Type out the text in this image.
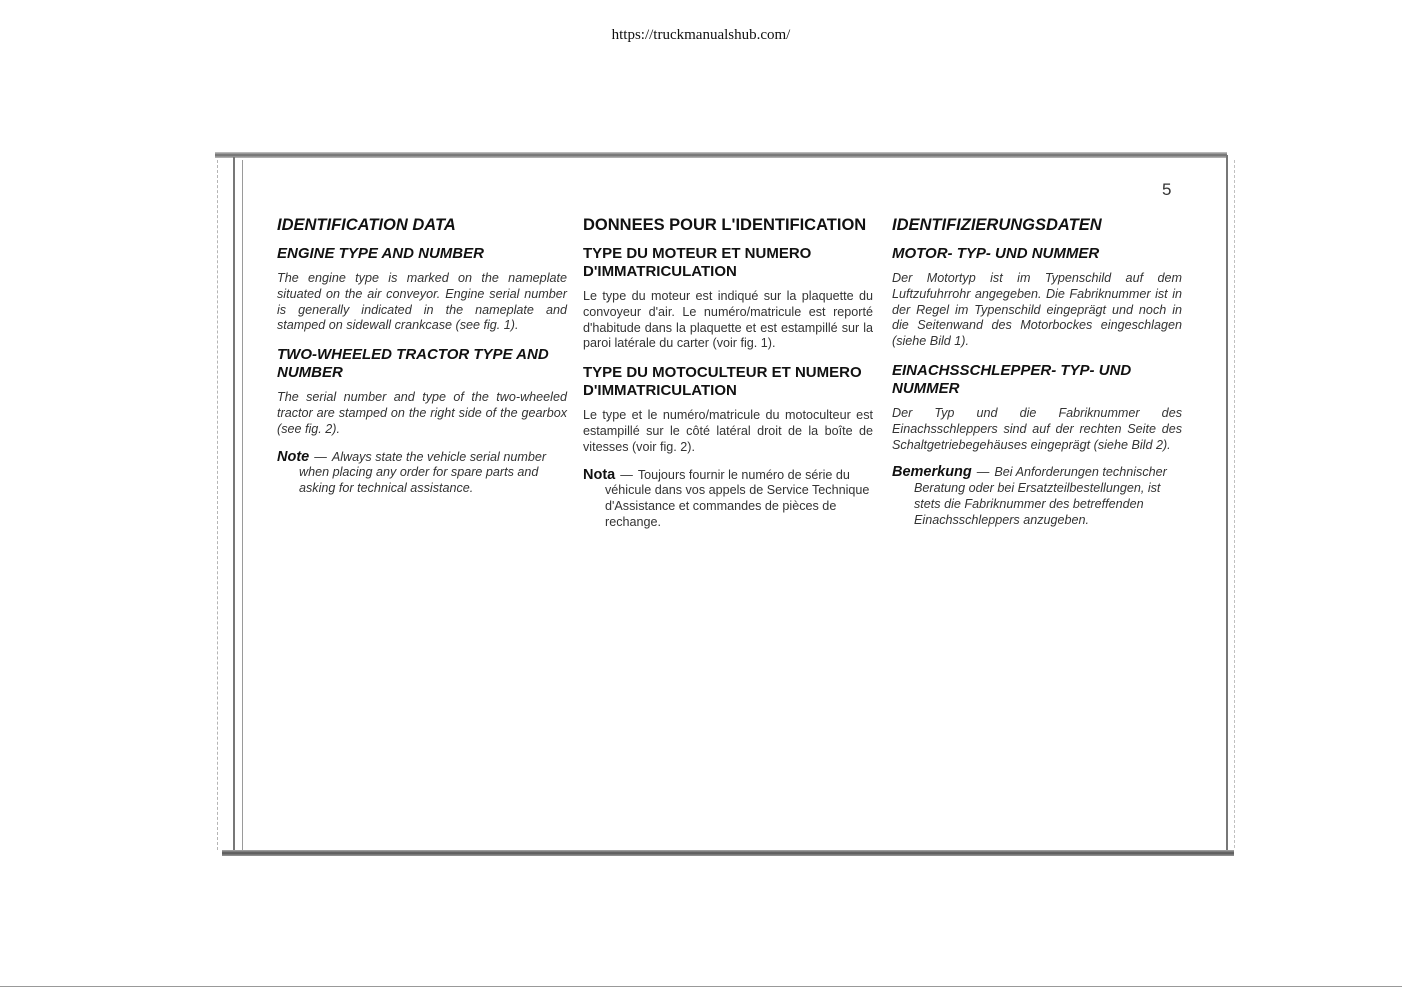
https://truckmanualshub.com/
5
IDENTIFICATION DATA
ENGINE TYPE AND NUMBER
The engine type is marked on the nameplate situated on the air conveyor. Engine serial number is generally indicated in the nameplate and stamped on sidewall crankcase (see fig. 1).
TWO-WHEELED TRACTOR TYPE AND NUMBER
The serial number and type of the two-wheeled tractor are stamped on the right side of the gearbox (see fig. 2).
Note — Always state the vehicle serial number when placing any order for spare parts and asking for technical assistance.
DONNEES POUR L'IDENTIFICATION
TYPE DU MOTEUR ET NUMERO D'IMMATRICULATION
Le type du moteur est indiqué sur la plaquette du convoyeur d'air. Le numéro/matricule est reporté d'habitude dans la plaquette et est estampillé sur la paroi latérale du carter (voir fig. 1).
TYPE DU MOTOCULTEUR ET NUMERO D'IMMATRICULATION
Le type et le numéro/matricule du motoculteur est estampillé sur le côté latéral droit de la boîte de vitesses (voir fig. 2).
Nota — Toujours fournir le numéro de série du véhicule dans vos appels de Service Technique d'Assistance et commandes de pièces de rechange.
IDENTIFIZIERUNGSDATEN
MOTOR- TYP- UND NUMMER
Der Motortyp ist im Typenschild auf dem Luftzufuhrrohr angegeben. Die Fabriknummer ist in der Regel im Typenschild eingeprägt und noch in die Seitenwand des Motorbockes eingeschlagen (siehe Bild 1).
EINACHSSCHLEPPER- TYP- UND NUMMER
Der Typ und die Fabriknummer des Einachsschleppers sind auf der rechten Seite des Schaltgetriebegehäuses eingeprägt (siehe Bild 2).
Bemerkung — Bei Anforderungen technischer Beratung oder bei Ersatzteilbestellungen, ist stets die Fabriknummer des betreffenden Einachsschleppers anzugeben.
